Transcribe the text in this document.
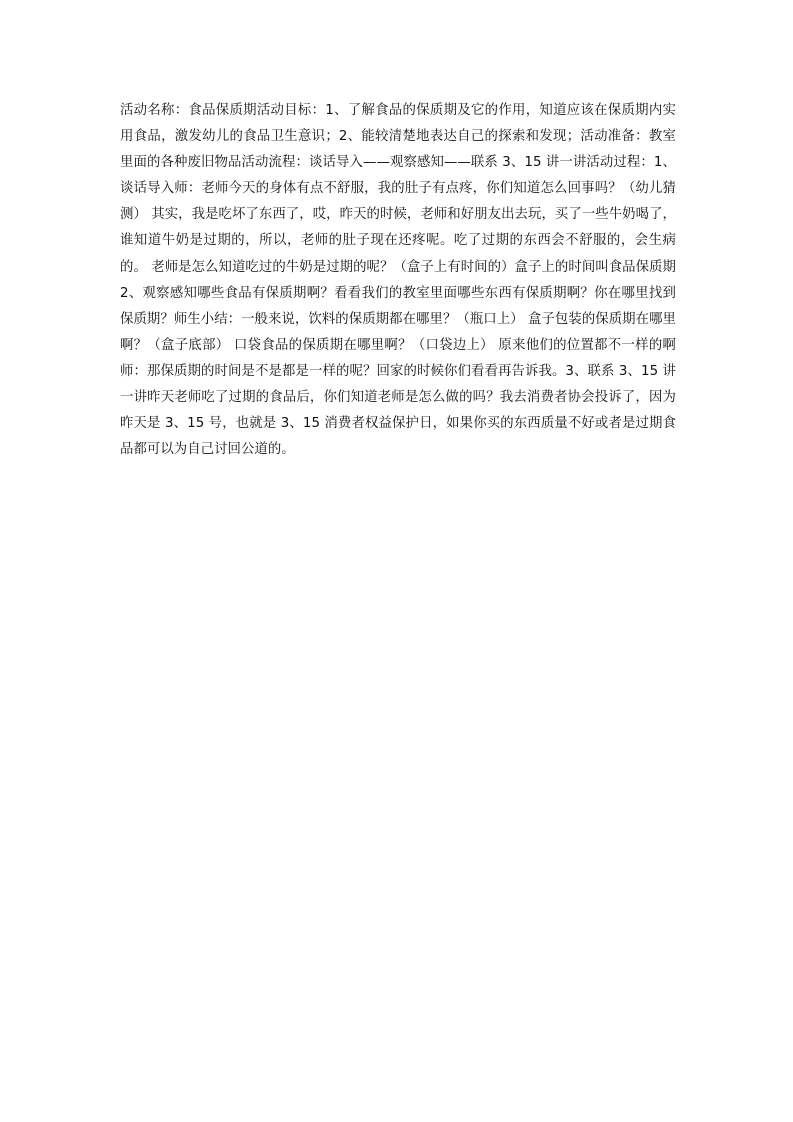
活动名称：食品保质期活动目标：1、了解食品的保质期及它的作用，知道应该在保质期内实用食品，激发幼儿的食品卫生意识；2、能较清楚地表达自己的探索和发现；活动准备：教室里面的各种废旧物品活动流程：谈话导入——观察感知——联系 3、15 讲一讲活动过程：1、谈话导入师：老师今天的身体有点不舒服，我的肚子有点疼，你们知道怎么回事吗？（幼儿猜测） 其实，我是吃坏了东西了，哎，昨天的时候，老师和好朋友出去玩，买了一些牛奶喝了，谁知道牛奶是过期的，所以，老师的肚子现在还疼呢。吃了过期的东西会不舒服的，会生病的。 老师是怎么知道吃过的牛奶是过期的呢？（盒子上有时间的）盒子上的时间叫食品保质期 2、观察感知哪些食品有保质期啊？看看我们的教室里面哪些东西有保质期啊？你在哪里找到保质期？师生小结：一般来说，饮料的保质期都在哪里？（瓶口上） 盒子包装的保质期在哪里啊？（盒子底部） 口袋食品的保质期在哪里啊？（口袋边上） 原来他们的位置都不一样的啊师：那保质期的时间是不是都是一样的呢？回家的时候你们看看再告诉我。3、联系 3、15 讲一讲昨天老师吃了过期的食品后，你们知道老师是怎么做的吗？我去消费者协会投诉了，因为昨天是 3、15 号，也就是 3、15 消费者权益保护日，如果你买的东西质量不好或者是过期食品都可以为自己讨回公道的。
